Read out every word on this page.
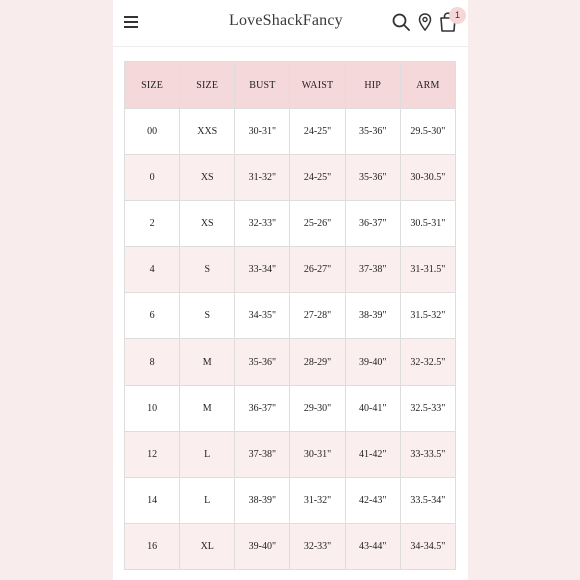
LoveShackFancy	1
SIZE	SIZE	BUST	WAIST	HIP	ARM
00	XXS	30-31"	24-25"	35-36"	29.5-30"
0	XS	31-32"	24-25"	35-36"	30-30.5"
2	XS	32-33"	25-26"	36-37"	30.5-31"
4	S	33-34"	26-27"	37-38"	31-31.5"
6	S	34-35"	27-28"	38-39"	31.5-32"
8	M	35-36"	28-29"	39-40"	32-32.5"
10	M	36-37"	29-30"	40-41"	32.5-33"
12	L	37-38"	30-31"	41-42"	33-33.5"
14	L	38-39"	31-32"	42-43"	33.5-34"
16	XL	39-40"	32-33"	43-44"	34-34.5"
